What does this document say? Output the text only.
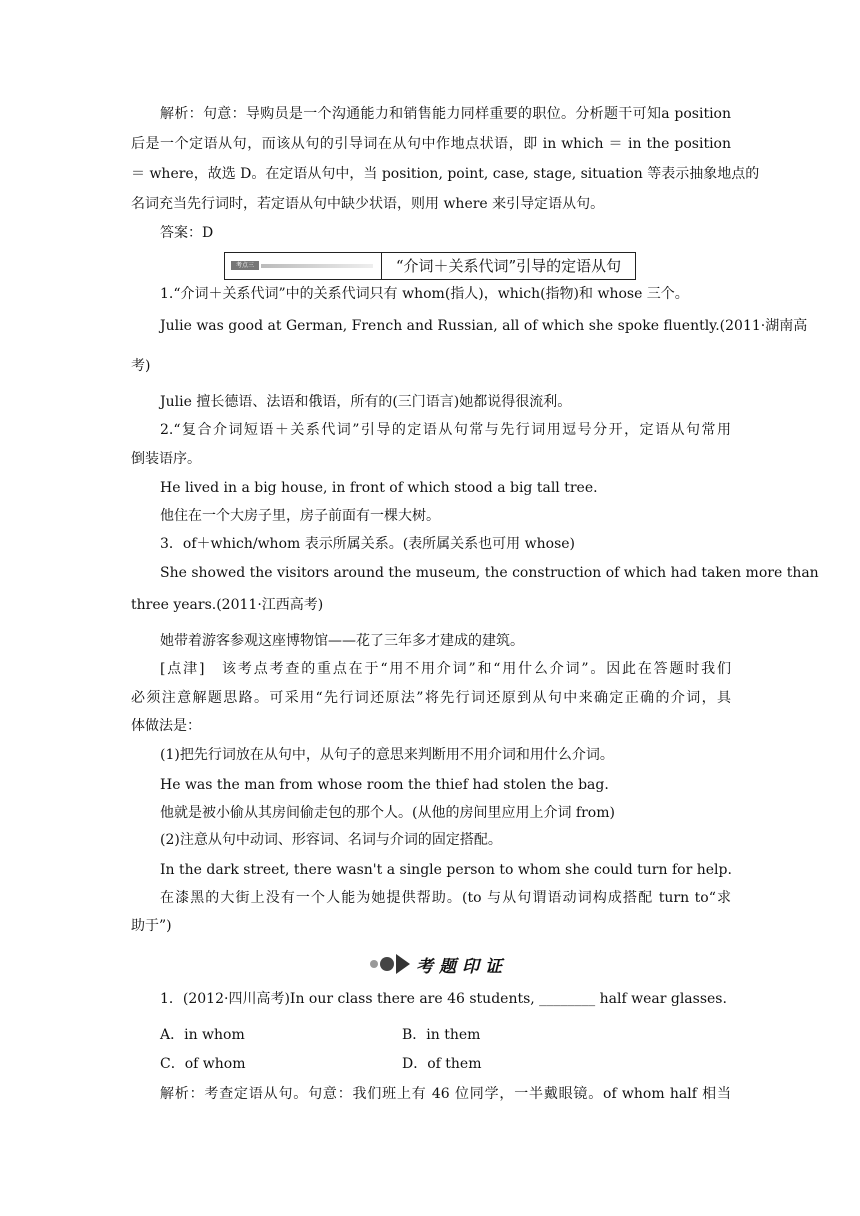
解析：句意：导购员是一个沟通能力和销售能力同样重要的职位。分析题干可知a position
后是一个定语从句，而该从句的引导词在从句中作地点状语，即 in which ＝ in the position
＝ where，故选 D。在定语从句中，当 position, point, case, stage, situation 等表示抽象地点的
名词充当先行词时，若定语从句中缺少状语，则用 where 来引导定语从句。
答案：D
考点三	“介词＋关系代词”引导的定语从句
1.“介词＋关系代词”中的关系代词只有 whom(指人)，which(指物)和 whose 三个。
Julie was good at German, French and Russian, all of which she spoke fluently.(2011·湖南高
考)
Julie 擅长德语、法语和俄语，所有的(三门语言)她都说得很流利。
2.“复合介词短语＋关系代词”引导的定语从句常与先行词用逗号分开，定语从句常用
倒装语序。
He lived in a big house, in front of which stood a big tall tree.
他住在一个大房子里，房子前面有一棵大树。
3．of＋which/whom 表示所属关系。(表所属关系也可用 whose)
She showed the visitors around the museum, the construction of which had taken more than
three years.(2011·江西高考)
她带着游客参观这座博物馆——花了三年多才建成的建筑。
[点津]　该考点考查的重点在于“用不用介词”和“用什么介词”。因此在答题时我们
必须注意解题思路。可采用“先行词还原法”将先行词还原到从句中来确定正确的介词，具
体做法是：
(1)把先行词放在从句中，从句子的意思来判断用不用介词和用什么介词。
He was the man from whose room the thief had stolen the bag.
他就是被小偷从其房间偷走包的那个人。(从他的房间里应用上介词 from)
(2)注意从句中动词、形容词、名词与介词的固定搭配。
In the dark street, there wasn't a single person to whom she could turn for help.
在漆黑的大街上没有一个人能为她提供帮助。(to 与从句谓语动词构成搭配 turn to“求
助于”)
考题印证
1．(2012·四川高考)In our class there are 46 students, ________ half wear glasses.
A．in whom	B．in them
C．of whom	D．of them
解析：考查定语从句。句意：我们班上有 46 位同学，一半戴眼镜。of whom half 相当
